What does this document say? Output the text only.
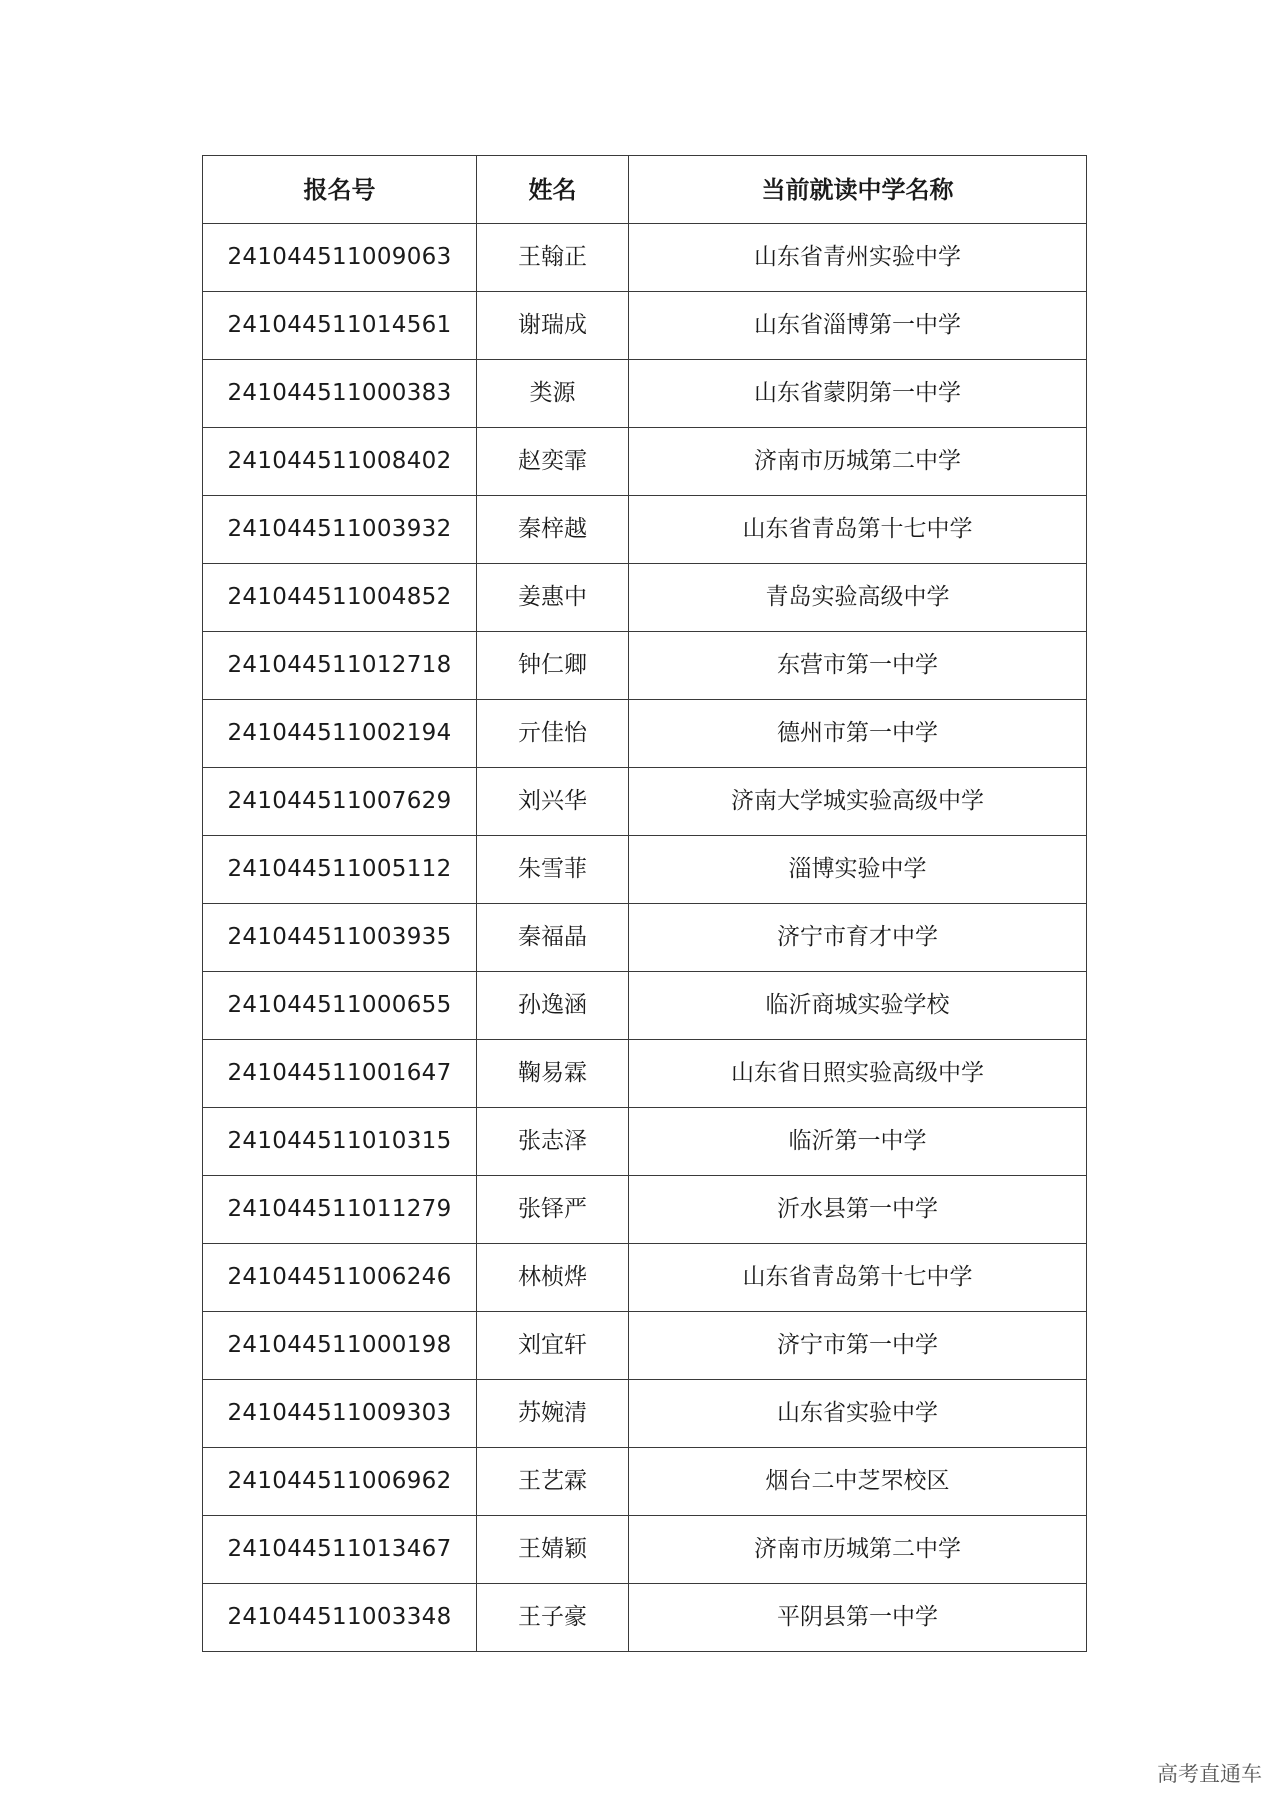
报名号	姓名	当前就读中学名称
241044511009063	王翰正	山东省青州实验中学
241044511014561	谢瑞成	山东省淄博第一中学
241044511000383	类源	山东省蒙阴第一中学
241044511008402	赵奕霏	济南市历城第二中学
241044511003932	秦梓越	山东省青岛第十七中学
241044511004852	姜惠中	青岛实验高级中学
241044511012718	钟仁卿	东营市第一中学
241044511002194	亓佳怡	德州市第一中学
241044511007629	刘兴华	济南大学城实验高级中学
241044511005112	朱雪菲	淄博实验中学
241044511003935	秦福晶	济宁市育才中学
241044511000655	孙逸涵	临沂商城实验学校
241044511001647	鞠易霖	山东省日照实验高级中学
241044511010315	张志泽	临沂第一中学
241044511011279	张铎严	沂水县第一中学
241044511006246	林桢烨	山东省青岛第十七中学
241044511000198	刘宜轩	济宁市第一中学
241044511009303	苏婉清	山东省实验中学
241044511006962	王艺霖	烟台二中芝罘校区
241044511013467	王婧颖	济南市历城第二中学
241044511003348	王子豪	平阴县第一中学
高考直通车
